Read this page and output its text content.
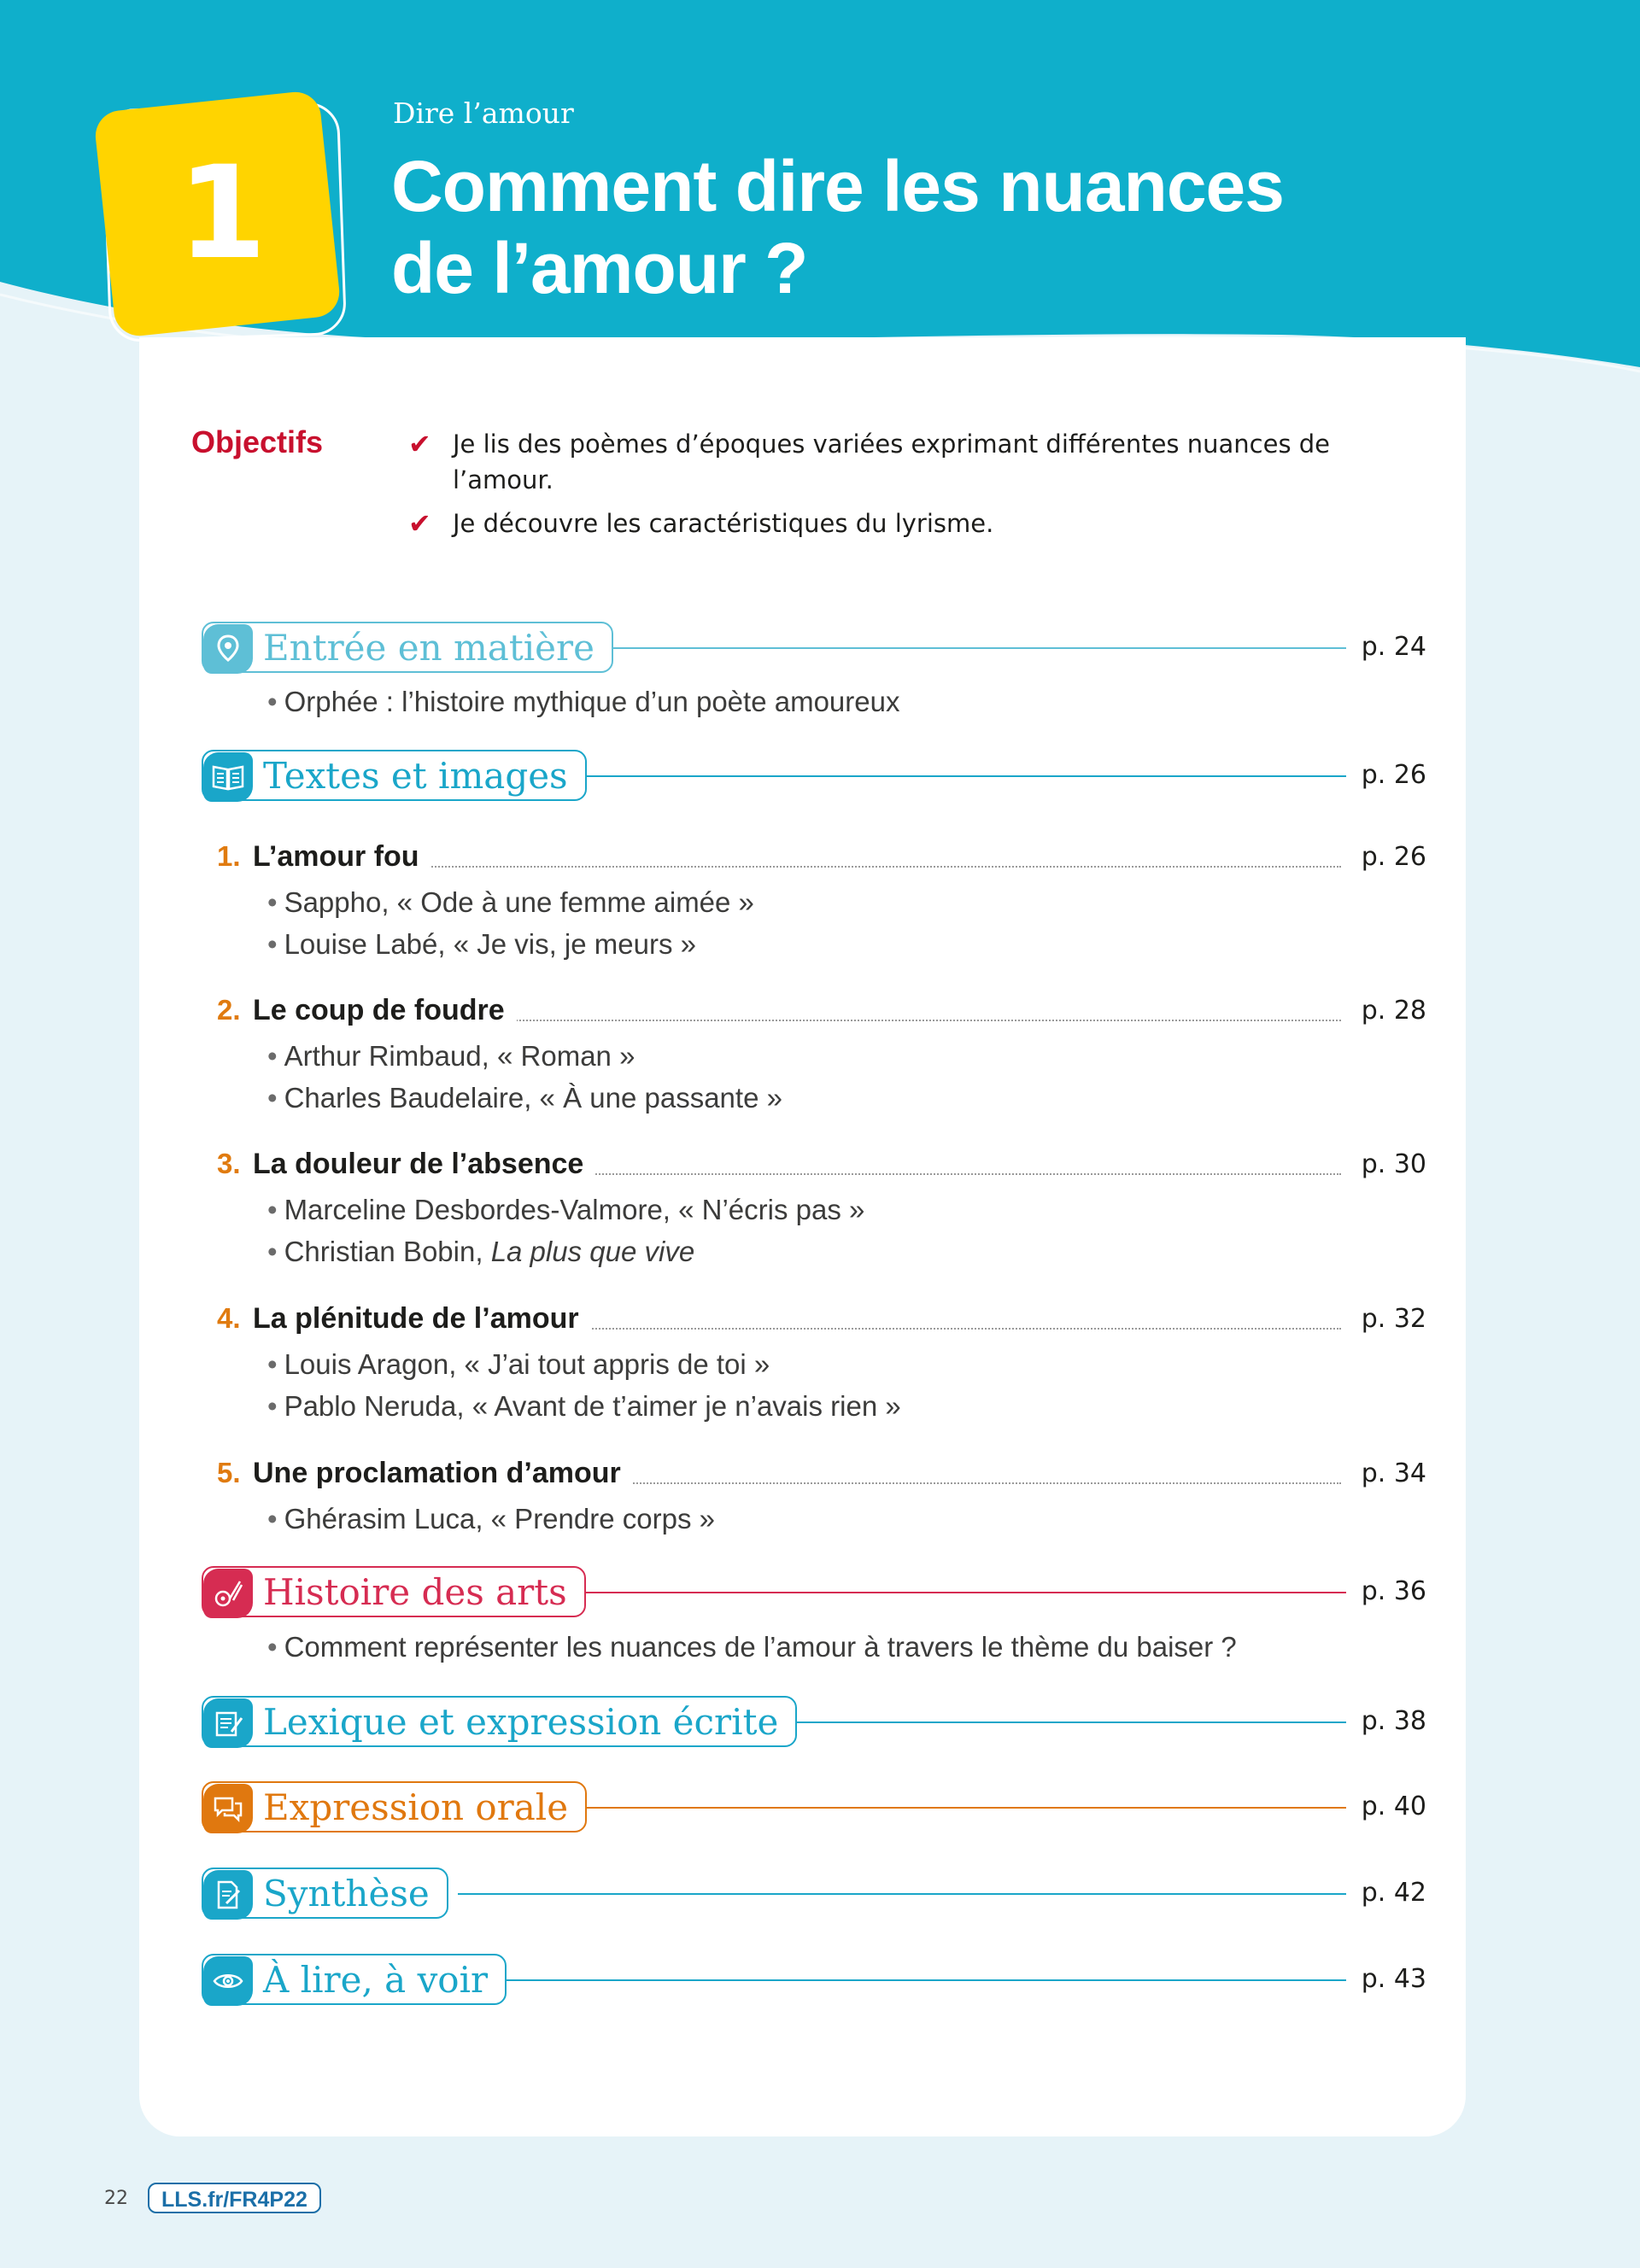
1
Dire l’amour
Comment dire les nuances
de l’amour ?
Objectifs	✔ Je lis des poèmes d’époques variées exprimant différentes nuances de l’amour.
✔ Je découvre les caractéristiques du lyrisme.
Entrée en matière	p. 24
• Orphée : l’histoire mythique d’un poète amoureux
Textes et images	p. 26
1. L’amour fou	p. 26
• Sappho, « Ode à une femme aimée »
• Louise Labé, « Je vis, je meurs »
2. Le coup de foudre	p. 28
• Arthur Rimbaud, « Roman »
• Charles Baudelaire, « À une passante »
3. La douleur de l’absence	p. 30
• Marceline Desbordes-Valmore, « N’écris pas »
• Christian Bobin, La plus que vive
4. La plénitude de l’amour	p. 32
• Louis Aragon, « J’ai tout appris de toi »
• Pablo Neruda, « Avant de t’aimer je n’avais rien »
5. Une proclamation d’amour	p. 34
• Ghérasim Luca, « Prendre corps »
Histoire des arts	p. 36
• Comment représenter les nuances de l’amour à travers le thème du baiser ?
Lexique et expression écrite	p. 38
Expression orale	p. 40
Synthèse	p. 42
À lire, à voir	p. 43
22	LLS.fr/FR4P22
